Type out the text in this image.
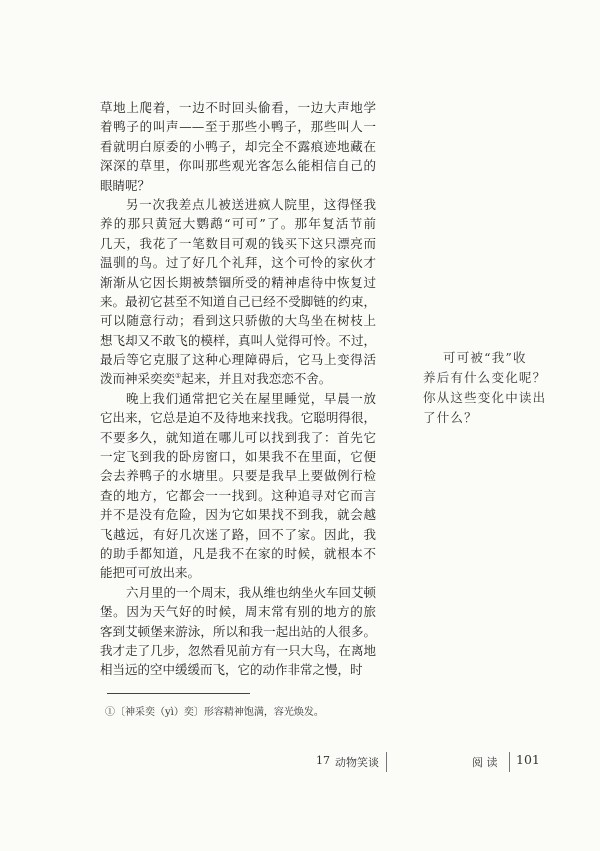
草地上爬着，一边不时回头偷看，一边大声地学
着鸭子的叫声——至于那些小鸭子，那些叫人一
看就明白原委的小鸭子，却完全不露痕迹地藏在
深深的草里，你叫那些观光客怎么能相信自己的
眼睛呢？
另一次我差点儿被送进疯人院里，这得怪我
养的那只黄冠大鹦鹉“可可”了。那年复活节前
几天，我花了一笔数目可观的钱买下这只漂亮而
温驯的鸟。过了好几个礼拜，这个可怜的家伙才
渐渐从它因长期被禁锢所受的精神虐待中恢复过
来。最初它甚至不知道自己已经不受脚链的约束，
可以随意行动；看到这只骄傲的大鸟坐在树枝上
想飞却又不敢飞的模样，真叫人觉得可怜。不过，
最后等它克服了这种心理障碍后，它马上变得活
泼而神采奕奕①起来，并且对我恋恋不舍。
晚上我们通常把它关在屋里睡觉，早晨一放
它出来，它总是迫不及待地来找我。它聪明得很，
不要多久，就知道在哪儿可以找到我了：首先它
一定飞到我的卧房窗口，如果我不在里面，它便
会去养鸭子的水塘里。只要是我早上要做例行检
查的地方，它都会一一找到。这种追寻对它而言
并不是没有危险，因为它如果找不到我，就会越
飞越远，有好几次迷了路，回不了家。因此，我
的助手都知道，凡是我不在家的时候，就根本不
能把可可放出来。
六月里的一个周末，我从维也纳坐火车回艾顿
堡。因为天气好的时候，周末常有别的地方的旅
客到艾顿堡来游泳，所以和我一起出站的人很多。
我才走了几步，忽然看见前方有一只大鸟，在离地
相当远的空中缓缓而飞，它的动作非常之慢，时
可可被“我”收
养后有什么变化呢？
你从这些变化中读出
了什么？
①〔神采奕（yì）奕〕形容精神饱满，容光焕发。
17 动物笑谈	阅 读 101
